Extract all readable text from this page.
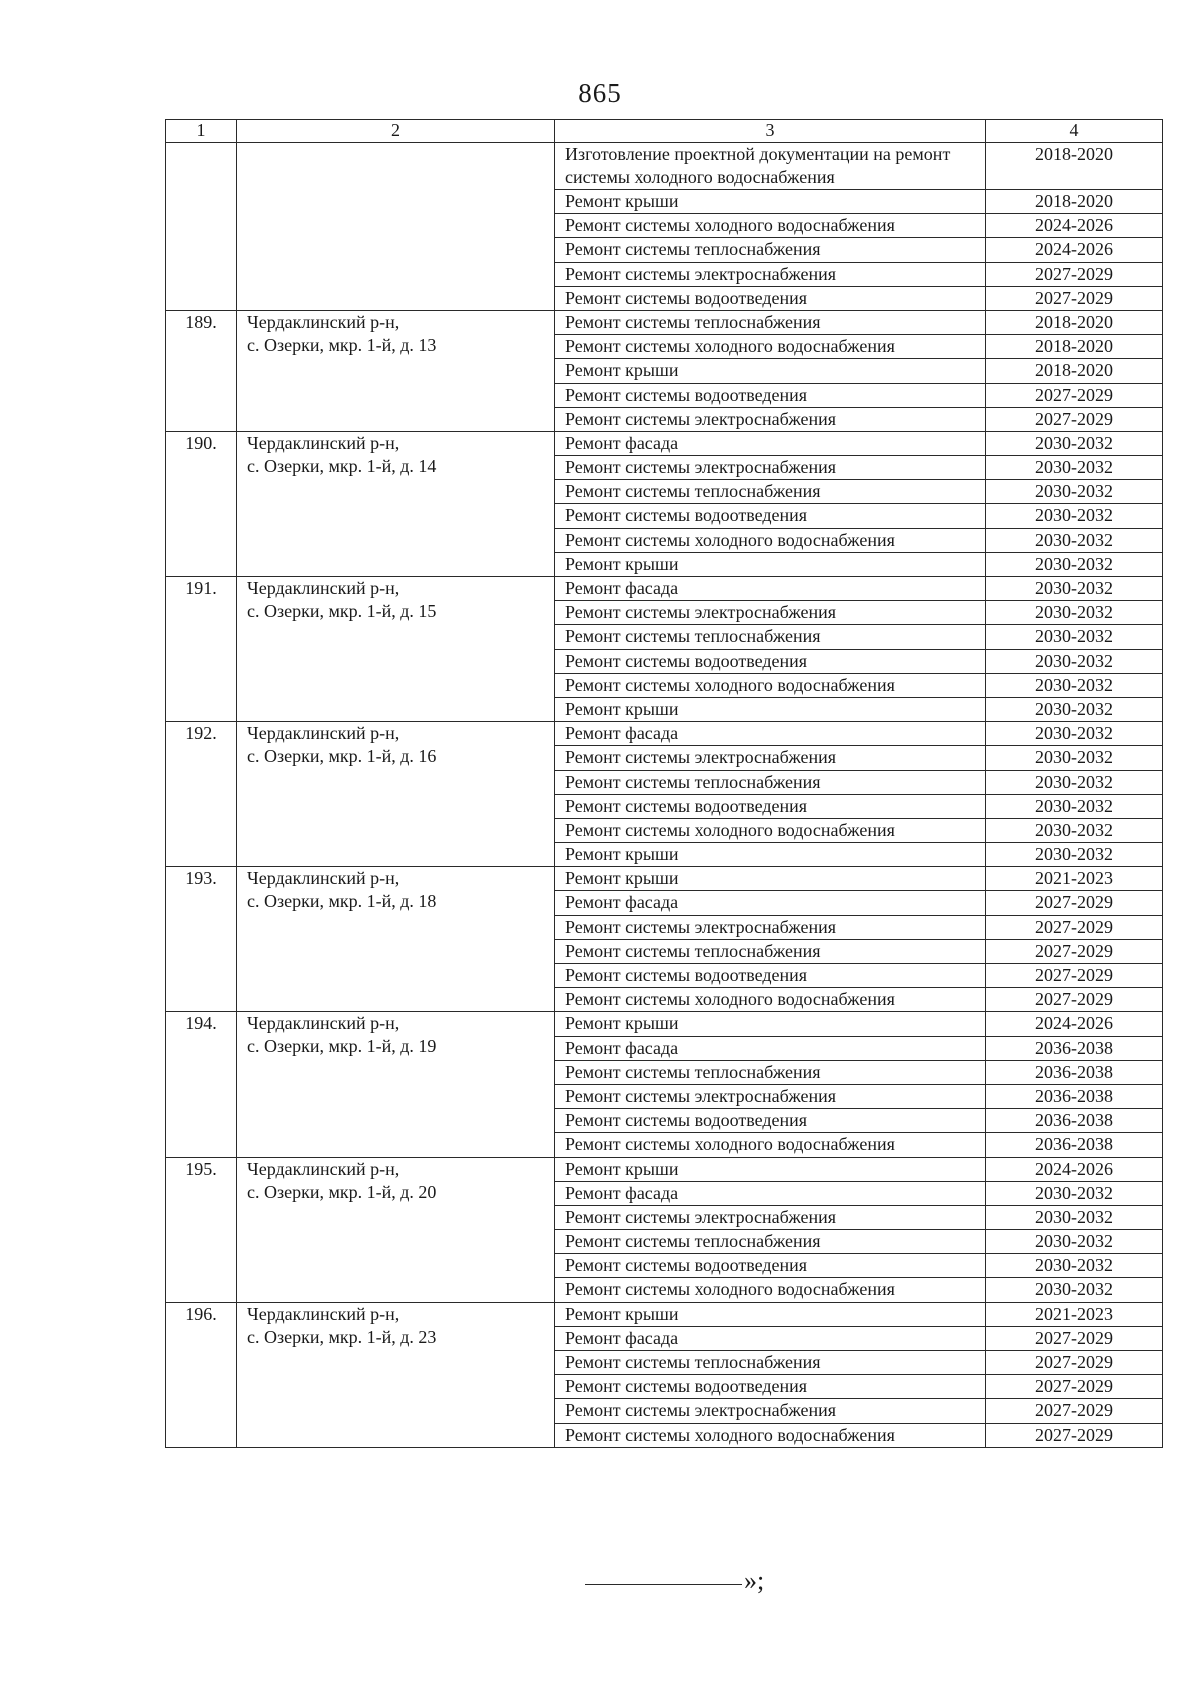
865
1	2	3	4
		Изготовление проектной документации на ремонт системы холодного водоснабжения	2018-2020
		Ремонт крыши	2018-2020
		Ремонт системы холодного водоснабжения	2024-2026
		Ремонт системы теплоснабжения	2024-2026
		Ремонт системы электроснабжения	2027-2029
		Ремонт системы водоотведения	2027-2029
189.	Чердаклинский р-н,
с. Озерки, мкр. 1-й, д. 13	Ремонт системы теплоснабжения	2018-2020
		Ремонт системы холодного водоснабжения	2018-2020
		Ремонт крыши	2018-2020
		Ремонт системы водоотведения	2027-2029
		Ремонт системы электроснабжения	2027-2029
190.	Чердаклинский р-н,
с. Озерки, мкр. 1-й, д. 14	Ремонт фасада	2030-2032
		Ремонт системы электроснабжения	2030-2032
		Ремонт системы теплоснабжения	2030-2032
		Ремонт системы водоотведения	2030-2032
		Ремонт системы холодного водоснабжения	2030-2032
		Ремонт крыши	2030-2032
191.	Чердаклинский р-н,
с. Озерки, мкр. 1-й, д. 15	Ремонт фасада	2030-2032
		Ремонт системы электроснабжения	2030-2032
		Ремонт системы теплоснабжения	2030-2032
		Ремонт системы водоотведения	2030-2032
		Ремонт системы холодного водоснабжения	2030-2032
		Ремонт крыши	2030-2032
192.	Чердаклинский р-н,
с. Озерки, мкр. 1-й, д. 16	Ремонт фасада	2030-2032
		Ремонт системы электроснабжения	2030-2032
		Ремонт системы теплоснабжения	2030-2032
		Ремонт системы водоотведения	2030-2032
		Ремонт системы холодного водоснабжения	2030-2032
		Ремонт крыши	2030-2032
193.	Чердаклинский р-н,
с. Озерки, мкр. 1-й, д. 18	Ремонт крыши	2021-2023
		Ремонт фасада	2027-2029
		Ремонт системы электроснабжения	2027-2029
		Ремонт системы теплоснабжения	2027-2029
		Ремонт системы водоотведения	2027-2029
		Ремонт системы холодного водоснабжения	2027-2029
194.	Чердаклинский р-н,
с. Озерки, мкр. 1-й, д. 19	Ремонт крыши	2024-2026
		Ремонт фасада	2036-2038
		Ремонт системы теплоснабжения	2036-2038
		Ремонт системы электроснабжения	2036-2038
		Ремонт системы водоотведения	2036-2038
		Ремонт системы холодного водоснабжения	2036-2038
195.	Чердаклинский р-н,
с. Озерки, мкр. 1-й, д. 20	Ремонт крыши	2024-2026
		Ремонт фасада	2030-2032
		Ремонт системы электроснабжения	2030-2032
		Ремонт системы теплоснабжения	2030-2032
		Ремонт системы водоотведения	2030-2032
		Ремонт системы холодного водоснабжения	2030-2032
196.	Чердаклинский р-н,
с. Озерки, мкр. 1-й, д. 23	Ремонт крыши	2021-2023
		Ремонт фасада	2027-2029
		Ремонт системы теплоснабжения	2027-2029
		Ремонт системы водоотведения	2027-2029
		Ремонт системы электроснабжения	2027-2029
		Ремонт системы холодного водоснабжения	2027-2029
»;
